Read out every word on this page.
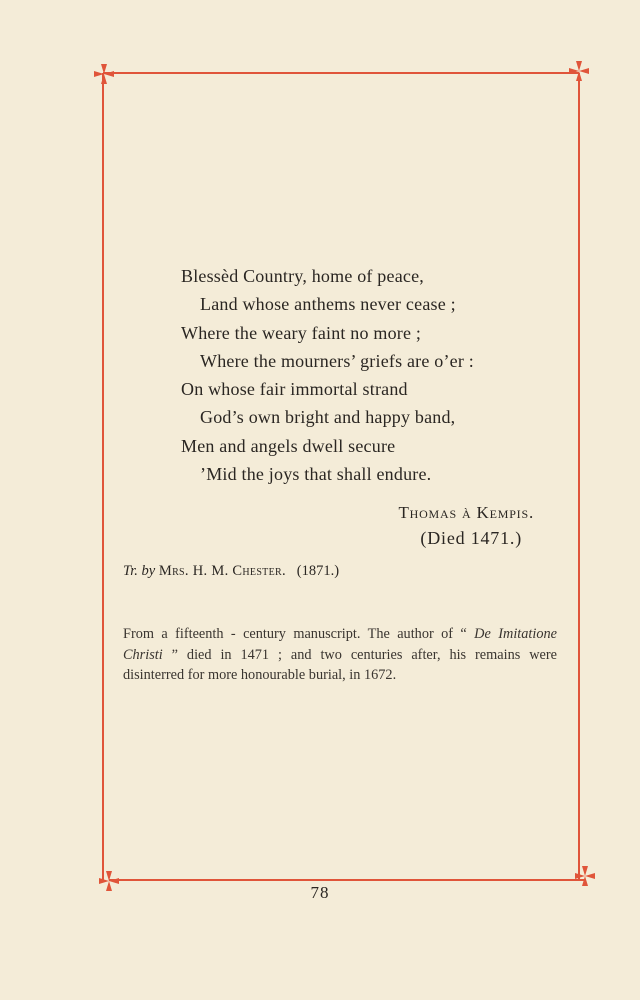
Blessèd Country, home of peace,
Land whose anthems never cease ;
Where the weary faint no more ;
Where the mourners’ griefs are o’er :
On whose fair immortal strand
God’s own bright and happy band,
Men and angels dwell secure
’Mid the joys that shall endure.
Thomas à Kempis.
(Died 1471.)
Tr. by Mrs. H. M. Chester. (1871.)
From a fifteenth - century manuscript. The author of “ De Imitatione Christi ” died in 1471 ; and two centuries after, his remains were disinterred for more honourable burial, in 1672.
78
